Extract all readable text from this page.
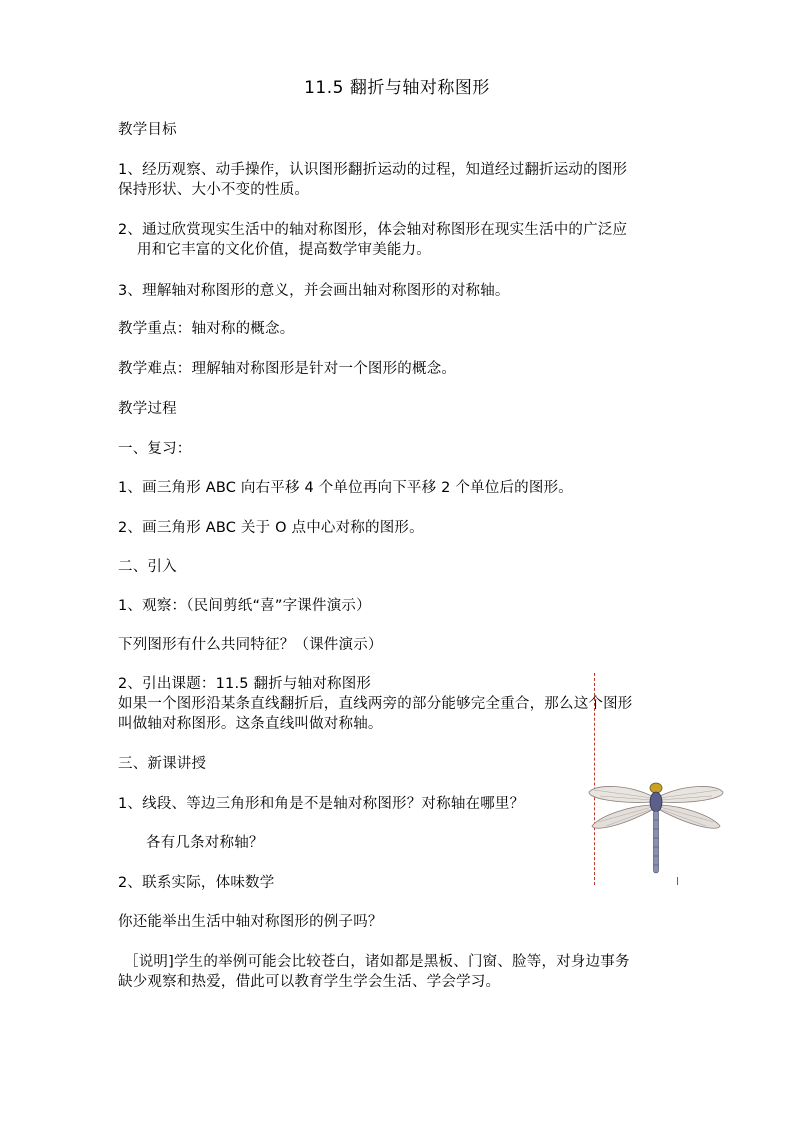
11.5 翻折与轴对称图形
教学目标
1、经历观察、动手操作，认识图形翻折运动的过程，知道经过翻折运动的图形
保持形状、大小不变的性质。
2、通过欣赏现实生活中的轴对称图形，体会轴对称图形在现实生活中的广泛应
用和它丰富的文化价值，提高数学审美能力。
3、理解轴对称图形的意义，并会画出轴对称图形的对称轴。
教学重点：轴对称的概念。
教学难点：理解轴对称图形是针对一个图形的概念。
教学过程
一、复习：
1、画三角形 ABC 向右平移 4 个单位再向下平移 2 个单位后的图形。
2、画三角形 ABC 关于 O 点中心对称的图形。
二、引入
1、观察：（民间剪纸“喜”字课件演示）
下列图形有什么共同特征？（课件演示）
2、引出课题：11.5 翻折与轴对称图形
如果一个图形沿某条直线翻折后，直线两旁的部分能够完全重合，那么这个图形
叫做轴对称图形。这条直线叫做对称轴。
三、新课讲授
1、线段、等边三角形和角是不是轴对称图形？对称轴在哪里？
各有几条对称轴？
2、联系实际，体味数学
你还能举出生活中轴对称图形的例子吗？
［说明]学生的举例可能会比较苍白，诸如都是黑板、门窗、脸等，对身边事务
缺少观察和热爱，借此可以教育学生学会生活、学会学习。
l
